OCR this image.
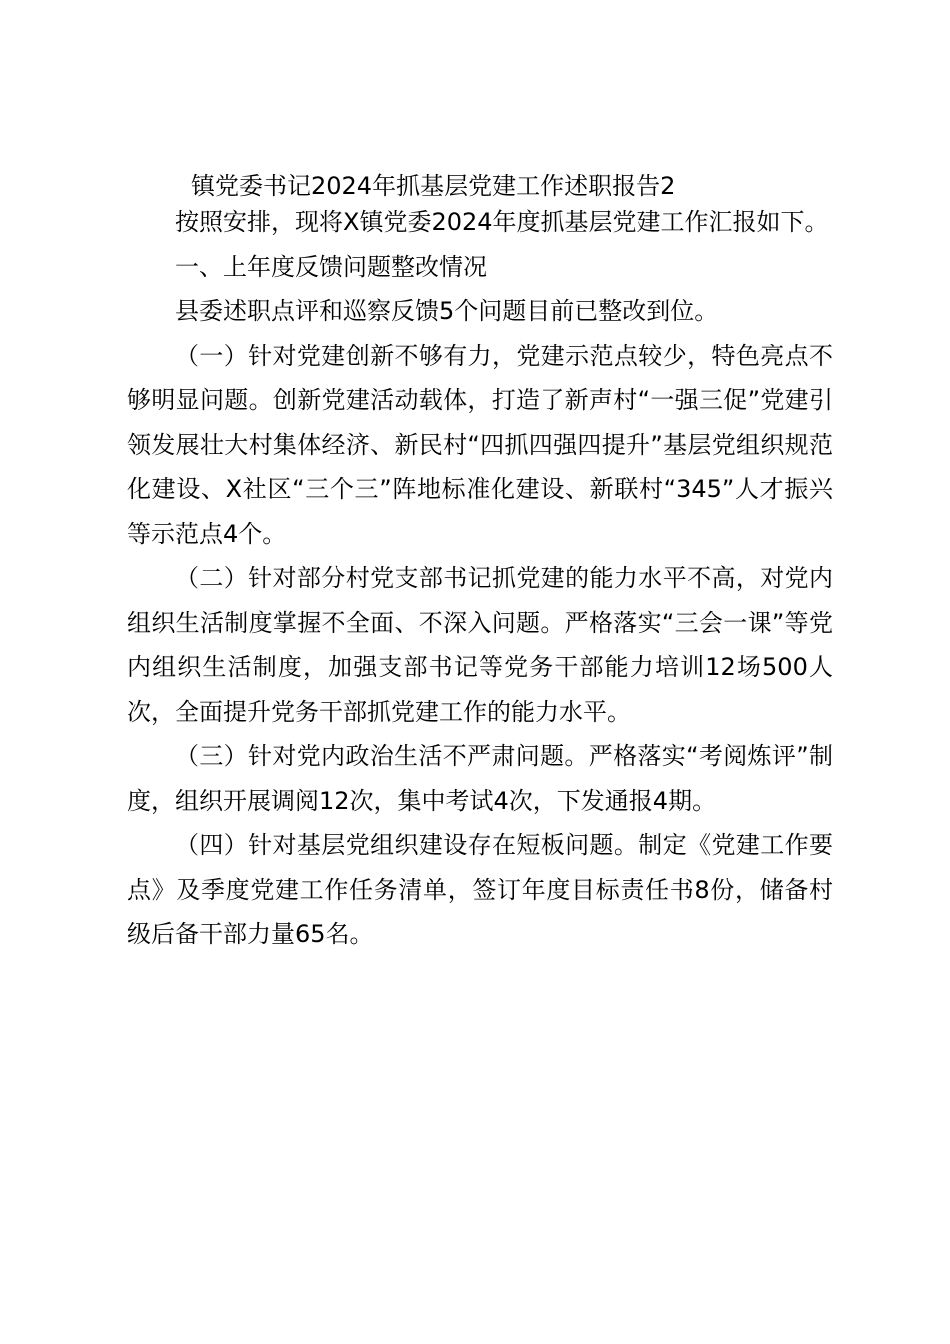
镇党委书记2024年抓基层党建工作述职报告2

按照安排，现将X镇党委2024年度抓基层党建工作汇报如下。

一、上年度反馈问题整改情况

县委述职点评和巡察反馈5个问题目前已整改到位。

（一）针对党建创新不够有力，党建示范点较少，特色亮点不够明显问题。创新党建活动载体，打造了新声村“一强三促”党建引领发展壮大村集体经济、新民村“四抓四强四提升”基层党组织规范化建设、X社区“三个三”阵地标准化建设、新联村“345”人才振兴等示范点4个。

（二）针对部分村党支部书记抓党建的能力水平不高，对党内组织生活制度掌握不全面、不深入问题。严格落实“三会一课”等党内组织生活制度，加强支部书记等党务干部能力培训12场500人次，全面提升党务干部抓党建工作的能力水平。

（三）针对党内政治生活不严肃问题。严格落实“考阅炼评”制度，组织开展调阅12次，集中考试4次，下发通报4期。

（四）针对基层党组织建设存在短板问题。制定《党建工作要点》及季度党建工作任务清单，签订年度目标责任书8份，储备村级后备干部力量65名。
